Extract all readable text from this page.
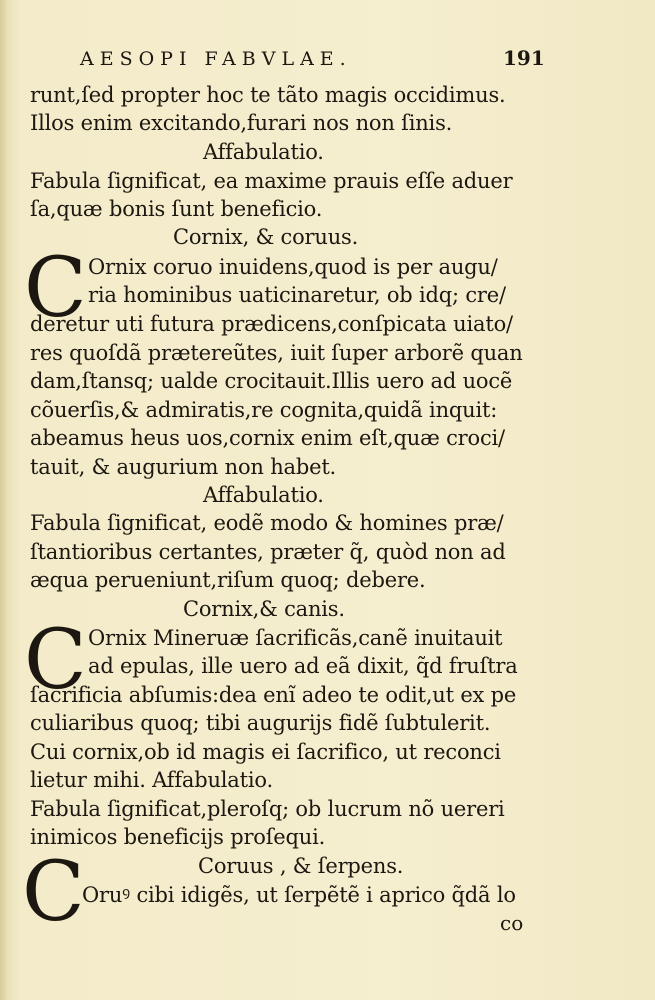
AESOPI FABVLAE.	191
runt,ſed propter hoc te tãto magis occidimus.
Illos enim excitando,furari nos non ſinis.
Affabulatio.
Fabula ſignificat, ea maxime prauis eſſe aduer
ſa,quæ bonis ſunt beneficio.
Cornix, & coruus.
C Ornix coruo inuidens,quod is per augu/
ria hominibus uaticinaretur, ob idq; cre/
deretur uti futura prædicens,conſpicata uiato/
res quoſdã prætereũtes, iuit ſuper arborẽ quan
dam,ſtansq; ualde crocitauit.Illis uero ad uocẽ
cõuerſis,& admiratis,re cognita,quidã inquit:
abeamus heus uos,cornix enim eſt,quæ croci/
tauit, & augurium non habet.
Affabulatio.
Fabula ſignificat, eodẽ modo & homines præ/
ſtantioribus certantes, præter q̃, quòd non ad
æqua perueniunt,riſum quoq; debere.
Cornix,& canis.
C Ornix Mineruæ ſacrificãs,canẽ inuitauit
ad epulas, ille uero ad eã dixit, q̃d fruſtra
ſacrificia abſumis:dea enĩ adeo te odit,ut ex pe
culiaribus quoq; tibi augurijs fidẽ ſubtulerit.
Cui cornix,ob id magis ei ſacrifico, ut reconci
lietur mihi. Affabulatio.
Fabula ſignificat,pleroſq; ob lucrum nõ uereri
inimicos beneficijs proſequi.
C	Coruus , & ſerpens.
Oruꝰ cibi idigẽs, ut ſerpẽtẽ i aprico q̃dã lo
co
